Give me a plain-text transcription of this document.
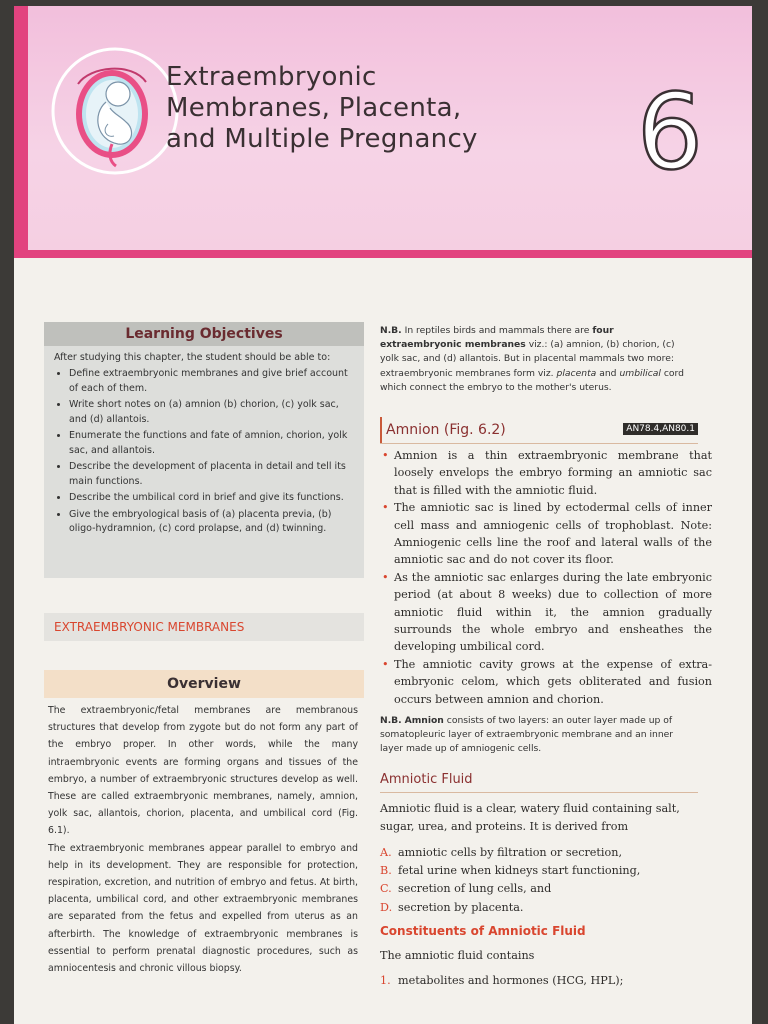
Extraembryonic
Membranes, Placenta,
and Multiple Pregnancy	6
Learning Objectives
After studying this chapter, the student should be able to:
• Define extraembryonic membranes and give brief account of each of them.
• Write short notes on (a) amnion (b) chorion, (c) yolk sac, and (d) allantois.
• Enumerate the functions and fate of amnion, chorion, yolk sac, and allantois.
• Describe the development of placenta in detail and tell its main functions.
• Describe the umbilical cord in brief and give its functions.
• Give the embryological basis of (a) placenta previa, (b) oligo-hydramnion, (c) cord prolapse, and (d) twinning.
EXTRAEMBRYONIC MEMBRANES
Overview

The extraembryonic/fetal membranes are membranous structures that develop from zygote but do not form any part of the embryo proper. In other words, while the many intraembryonic events are forming organs and tissues of the embryo, a number of extraembryonic structures develop as well. These are called extraembryonic membranes, namely, amnion, yolk sac, allantois, chorion, placenta, and umbilical cord (Fig. 6.1).

The extraembryonic membranes appear parallel to embryo and help in its development. They are responsible for protection, respiration, excretion, and nutrition of embryo and fetus. At birth, placenta, umbilical cord, and other extraembryonic membranes are separated from the fetus and expelled from uterus as an afterbirth. The knowledge of extraembryonic membranes is essential to perform prenatal diagnostic procedures, such as amniocentesis and chronic villous biopsy.

N.B. In reptiles birds and mammals there are four extraembryonic membranes viz.: (a) amnion, (b) chorion, (c) yolk sac, and (d) allantois. But in placental mammals two more: extraembryonic membranes form viz. placenta and umbilical cord which connect the embryo to the mother's uterus.

Amnion (Fig. 6.2)	AN78.4,AN80.1
• Amnion is a thin extraembryonic membrane that loosely envelops the embryo forming an amniotic sac that is filled with the amniotic fluid.
• The amniotic sac is lined by ectodermal cells of inner cell mass and amniogenic cells of trophoblast. Note: Amniogenic cells line the roof and lateral walls of the amniotic sac and do not cover its floor.
• As the amniotic sac enlarges during the late embryonic period (at about 8 weeks) due to collection of more amniotic fluid within it, the amnion gradually surrounds the whole embryo and ensheathes the developing umbilical cord.
• The amniotic cavity grows at the expense of extra-embryonic celom, which gets obliterated and fusion occurs between amnion and chorion.

N.B. Amnion consists of two layers: an outer layer made up of somatopleuric layer of extraembryonic membrane and an inner layer made up of amniogenic cells.

Amniotic Fluid

Amniotic fluid is a clear, watery fluid containing salt, sugar, urea, and proteins. It is derived from

A. amniotic cells by filtration or secretion,
B. fetal urine when kidneys start functioning,
C. secretion of lung cells, and
D. secretion by placenta.

Constituents of Amniotic Fluid

The amniotic fluid contains

1. metabolites and hormones (HCG, HPL);
